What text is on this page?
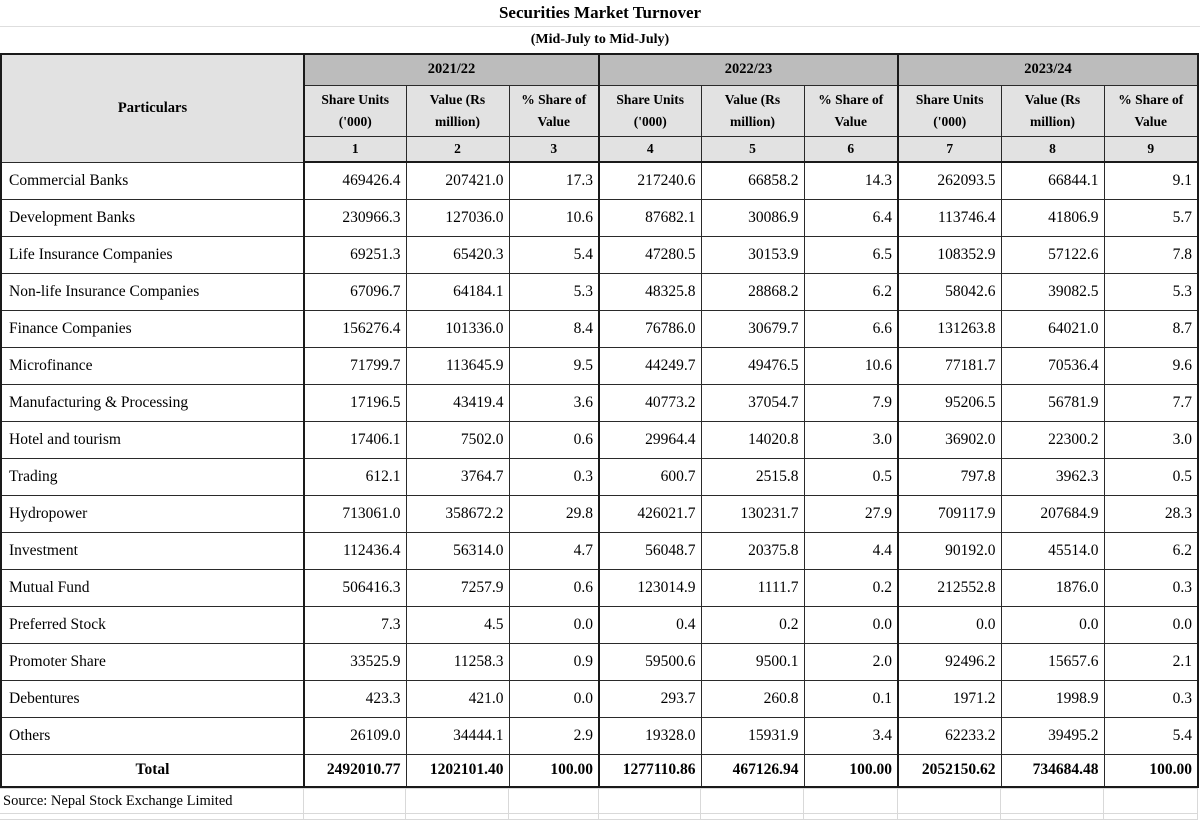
Securities Market Turnover
(Mid-July to Mid-July)
Particulars	2021/22			2022/23			2023/24		
	Share Units ('000)	Value (Rs million)	% Share of Value	Share Units ('000)	Value (Rs million)	% Share of Value	Share Units ('000)	Value (Rs million)	% Share of Value
	1	2	3	4	5	6	7	8	9
Commercial Banks	469426.4	207421.0	17.3	217240.6	66858.2	14.3	262093.5	66844.1	9.1
Development Banks	230966.3	127036.0	10.6	87682.1	30086.9	6.4	113746.4	41806.9	5.7
Life Insurance Companies	69251.3	65420.3	5.4	47280.5	30153.9	6.5	108352.9	57122.6	7.8
Non-life Insurance Companies	67096.7	64184.1	5.3	48325.8	28868.2	6.2	58042.6	39082.5	5.3
Finance Companies	156276.4	101336.0	8.4	76786.0	30679.7	6.6	131263.8	64021.0	8.7
Microfinance	71799.7	113645.9	9.5	44249.7	49476.5	10.6	77181.7	70536.4	9.6
Manufacturing & Processing	17196.5	43419.4	3.6	40773.2	37054.7	7.9	95206.5	56781.9	7.7
Hotel and tourism	17406.1	7502.0	0.6	29964.4	14020.8	3.0	36902.0	22300.2	3.0
Trading	612.1	3764.7	0.3	600.7	2515.8	0.5	797.8	3962.3	0.5
Hydropower	713061.0	358672.2	29.8	426021.7	130231.7	27.9	709117.9	207684.9	28.3
Investment	112436.4	56314.0	4.7	56048.7	20375.8	4.4	90192.0	45514.0	6.2
Mutual Fund	506416.3	7257.9	0.6	123014.9	1111.7	0.2	212552.8	1876.0	0.3
Preferred Stock	7.3	4.5	0.0	0.4	0.2	0.0	0.0	0.0	0.0
Promoter Share	33525.9	11258.3	0.9	59500.6	9500.1	2.0	92496.2	15657.6	2.1
Debentures	423.3	421.0	0.0	293.7	260.8	0.1	1971.2	1998.9	0.3
Others	26109.0	34444.1	2.9	19328.0	15931.9	3.4	62233.2	39495.2	5.4
Total	2492010.77	1202101.40	100.00	1277110.86	467126.94	100.00	2052150.62	734684.48	100.00
Source: Nepal Stock Exchange Limited									
